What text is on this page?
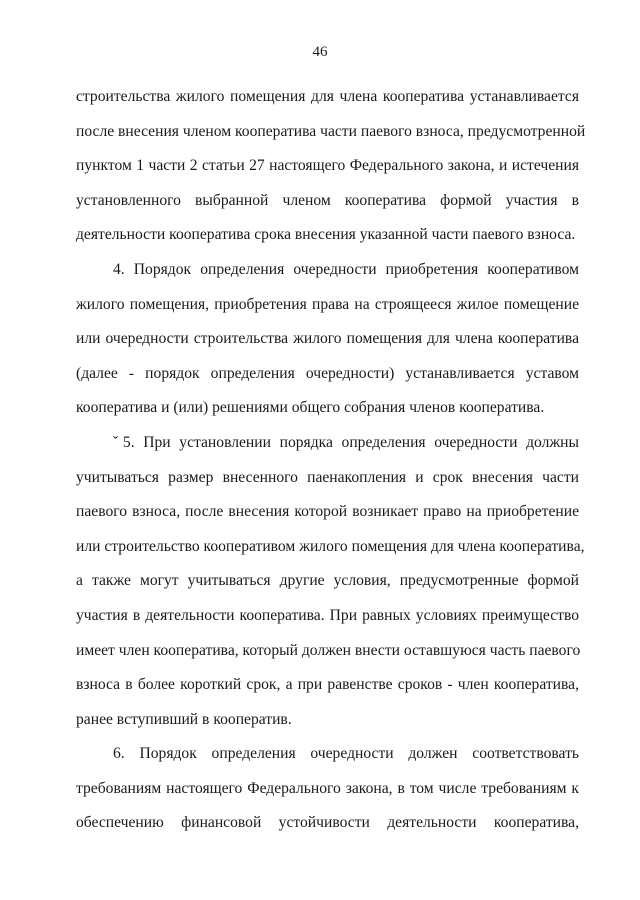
46
строительства жилого помещения для члена кооператива устанавливается
после внесения членом кооператива части паевого взноса, предусмотренной
пунктом 1 части 2 статьи 27 настоящего Федерального закона, и истечения
установленного выбранной членом кооператива формой участия в
деятельности кооператива срока внесения указанной части паевого взноса.
4. Порядок определения очередности приобретения кооперативом
жилого помещения, приобретения права на строящееся жилое помещение
или очередности строительства жилого помещения для члена кооператива
(далее - порядок определения очередности) устанавливается уставом
кооператива и (или) решениями общего собрания членов кооператива.
ˇ5. При установлении порядка определения очередности должны
учитываться размер внесенного паенакопления и срок внесения части
паевого взноса, после внесения которой возникает право на приобретение
или строительство кооперативом жилого помещения для члена кооператива,
а также могут учитываться другие условия, предусмотренные формой
участия в деятельности кооператива. При равных условиях преимущество
имеет член кооператива, который должен внести оставшуюся часть паевого
взноса в более короткий срок, а при равенстве сроков - член кооператива,
ранее вступивший в кооператив.
6. Порядок определения очередности должен соответствовать
требованиям настоящего Федерального закона, в том числе требованиям к
обеспечению финансовой устойчивости деятельности кооператива,
